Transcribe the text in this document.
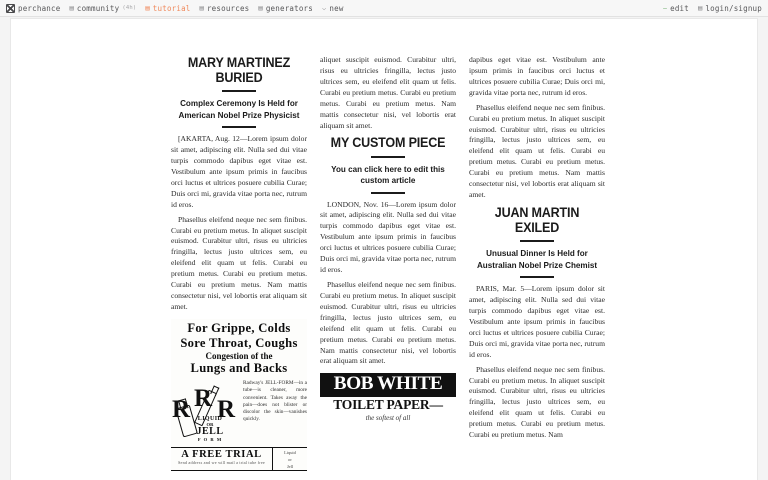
perchance ▤ community (4h) ▤ tutorial ▤ resources ▤ generators ⌵ new	⎯ edit ▤ login/signup
MARY MARTINEZ BURIED
Complex Ceremony Is Held for American Nobel Prize Physicist

[AKARTA, Aug. 12—Lorem ipsum dolor sit amet, adipiscing elit. Nulla sed dui vitae turpis commodo dapibus eget vitae est. Vestibulum ante ipsum primis in faucibus orci luctus et ultrices posuere cubilia Curae; Duis orci mi, gravida vitae porta nec, rutrum id eros.

Phasellus eleifend neque nec sem finibus. Curabi eu pretium metus. In aliquet suscipit euismod. Curabitur ultri, risus eu ultricies fringilla, lectus justo ultrices sem, eu eleifend elit quam ut felis. Curabi eu pretium metus. Curabi eu pretium metus. Curabi eu pretium metus. Nam mattis consectetur nisi, vel lobortis erat aliquam sit amet.

For Grippe, Colds
Sore Throat, Coughs
Congestion of the
Lungs and Backs
R R R
LIQUID
OR
JELL
F O R M
Radway's JELL-FORM—in a tube—is cleaner, more convenient. Takes away the pain—does not blister or discolor the skin—vanishes quickly.
A FREE TRIAL
Send address and we will mail a trial tube free
Liquid
or
Jell

aliquet suscipit euismod. Curabitur ultri, risus eu ultricies fringilla, lectus justo ultrices sem, eu eleifend elit quam ut felis. Curabi eu pretium metus. Curabi eu pretium metus. Curabi eu pretium metus. Nam mattis consectetur nisi, vel lobortis erat aliquam sit amet.

MY CUSTOM PIECE
You can click here to edit this custom article

LONDON, Nov. 16—Lorem ipsum dolor sit amet, adipiscing elit. Nulla sed dui vitae turpis commodo dapibus eget vitae est. Vestibulum ante ipsum primis in faucibus orci luctus et ultrices posuere cubilia Curae; Duis orci mi, gravida vitae porta nec, rutrum id eros.

Phasellus eleifend neque nec sem finibus. Curabi eu pretium metus. In aliquet suscipit euismod. Curabitur ultri, risus eu ultricies fringilla, lectus justo ultrices sem, eu eleifend elit quam ut felis. Curabi eu pretium metus. Curabi eu pretium metus. Nam mattis consectetur nisi, vel lobortis erat aliquam sit amet.

BOB WHITE
TOILET PAPER—
the softest of all

dapibus eget vitae est. Vestibulum ante ipsum primis in faucibus orci luctus et ultrices posuere cubilia Curae; Duis orci mi, gravida vitae porta nec, rutrum id eros.

Phasellus eleifend neque nec sem finibus. Curabi eu pretium metus. In aliquet suscipit euismod. Curabitur ultri, risus eu ultricies fringilla, lectus justo ultrices sem, eu eleifend elit quam ut felis. Curabi eu pretium metus. Curabi eu pretium metus. Curabi eu pretium metus. Nam mattis consectetur nisi, vel lobortis erat aliquam sit amet.

JUAN MARTIN EXILED
Unusual Dinner Is Held for Australian Nobel Prize Chemist

PARIS, Mar. 5—Lorem ipsum dolor sit amet, adipiscing elit. Nulla sed dui vitae turpis commodo dapibus eget vitae est. Vestibulum ante ipsum primis in faucibus orci luctus et ultrices posuere cubilia Curae; Duis orci mi, gravida vitae porta nec, rutrum id eros.

Phasellus eleifend neque nec sem finibus. Curabi eu pretium metus. In aliquet suscipit euismod. Curabitur ultri, risus eu ultricies fringilla, lectus justo ultrices sem, eu eleifend elit quam ut felis. Curabi eu pretium metus. Curabi eu pretium metus. Curabi eu pretium metus. Nam
